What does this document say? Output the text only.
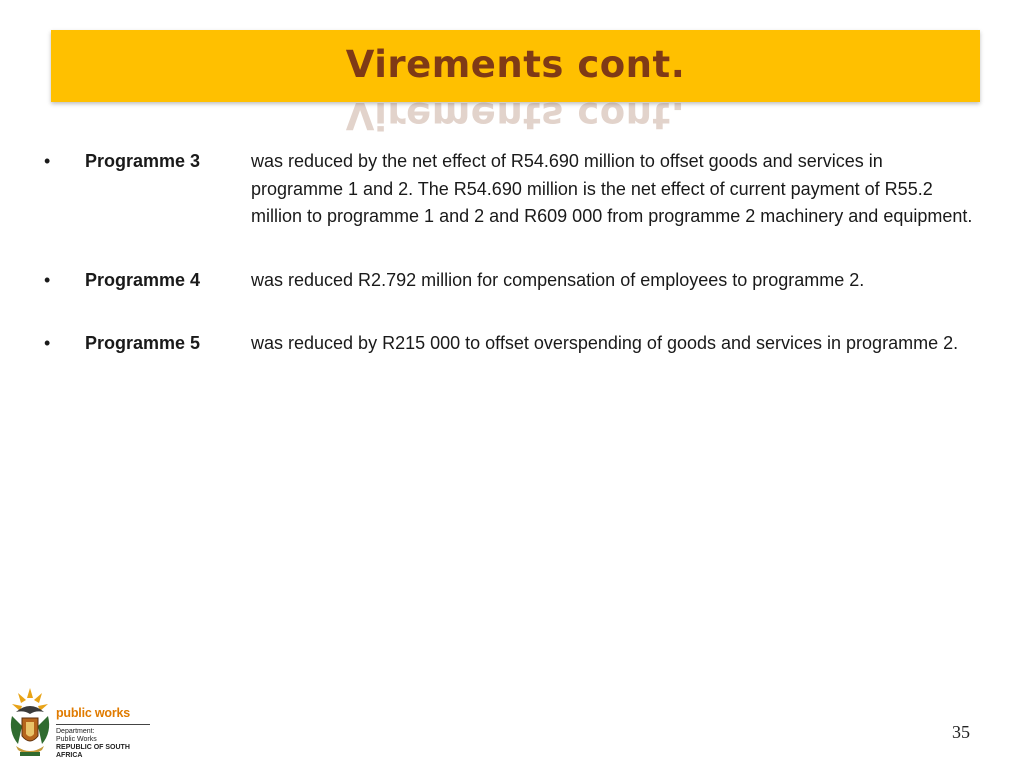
Virements cont.
Virements cont.
•	Programme 3	was reduced by the net effect of R54.690 million to offset goods and services in programme 1 and 2. The R54.690 million is the net effect of current payment of R55.2 million to programme 1 and 2 and R609 000 from programme 2 machinery and equipment.
•	Programme 4	was reduced R2.792 million for compensation of employees to programme 2.
•	Programme 5	was reduced by R215 000 to offset overspending of goods and services in programme 2.
public works
Department:
Public Works
REPUBLIC OF SOUTH AFRICA
35
